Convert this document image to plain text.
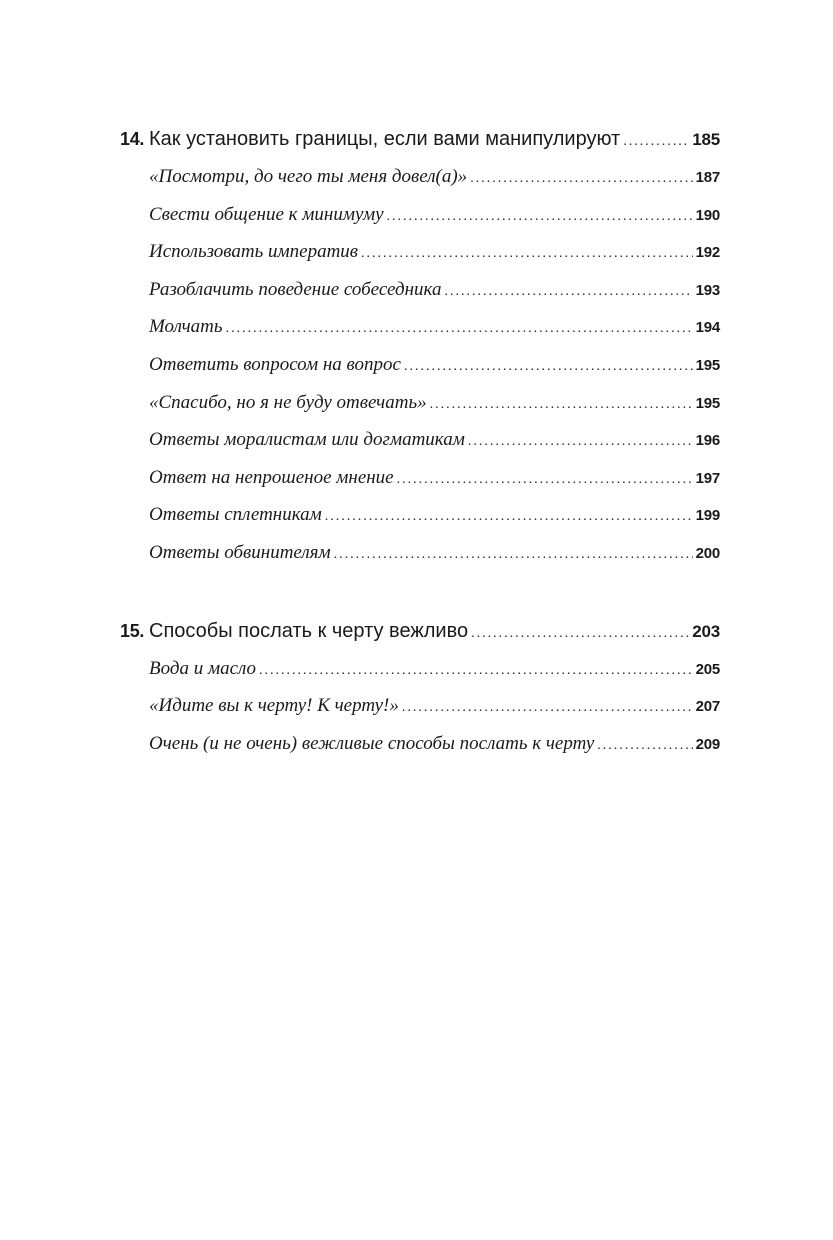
14. Как установить границы, если вами манипулируют .....	185
«Посмотри, до чего ты меня довел(а)» .....	187
Свести общение к минимуму .....	190
Использовать императив .....	192
Разоблачить поведение собеседника .....	193
Молчать .....	194
Ответить вопросом на вопрос .....	195
«Спасибо, но я не буду отвечать» .....	195
Ответы моралистам или догматикам .....	196
Ответ на непрошеное мнение .....	197
Ответы сплетникам .....	199
Ответы обвинителям .....	200
15. Способы послать к черту вежливо .....	203
Вода и масло .....	205
«Идите вы к черту! К черту!» .....	207
Очень (и не очень) вежливые способы послать к черту .....	209
